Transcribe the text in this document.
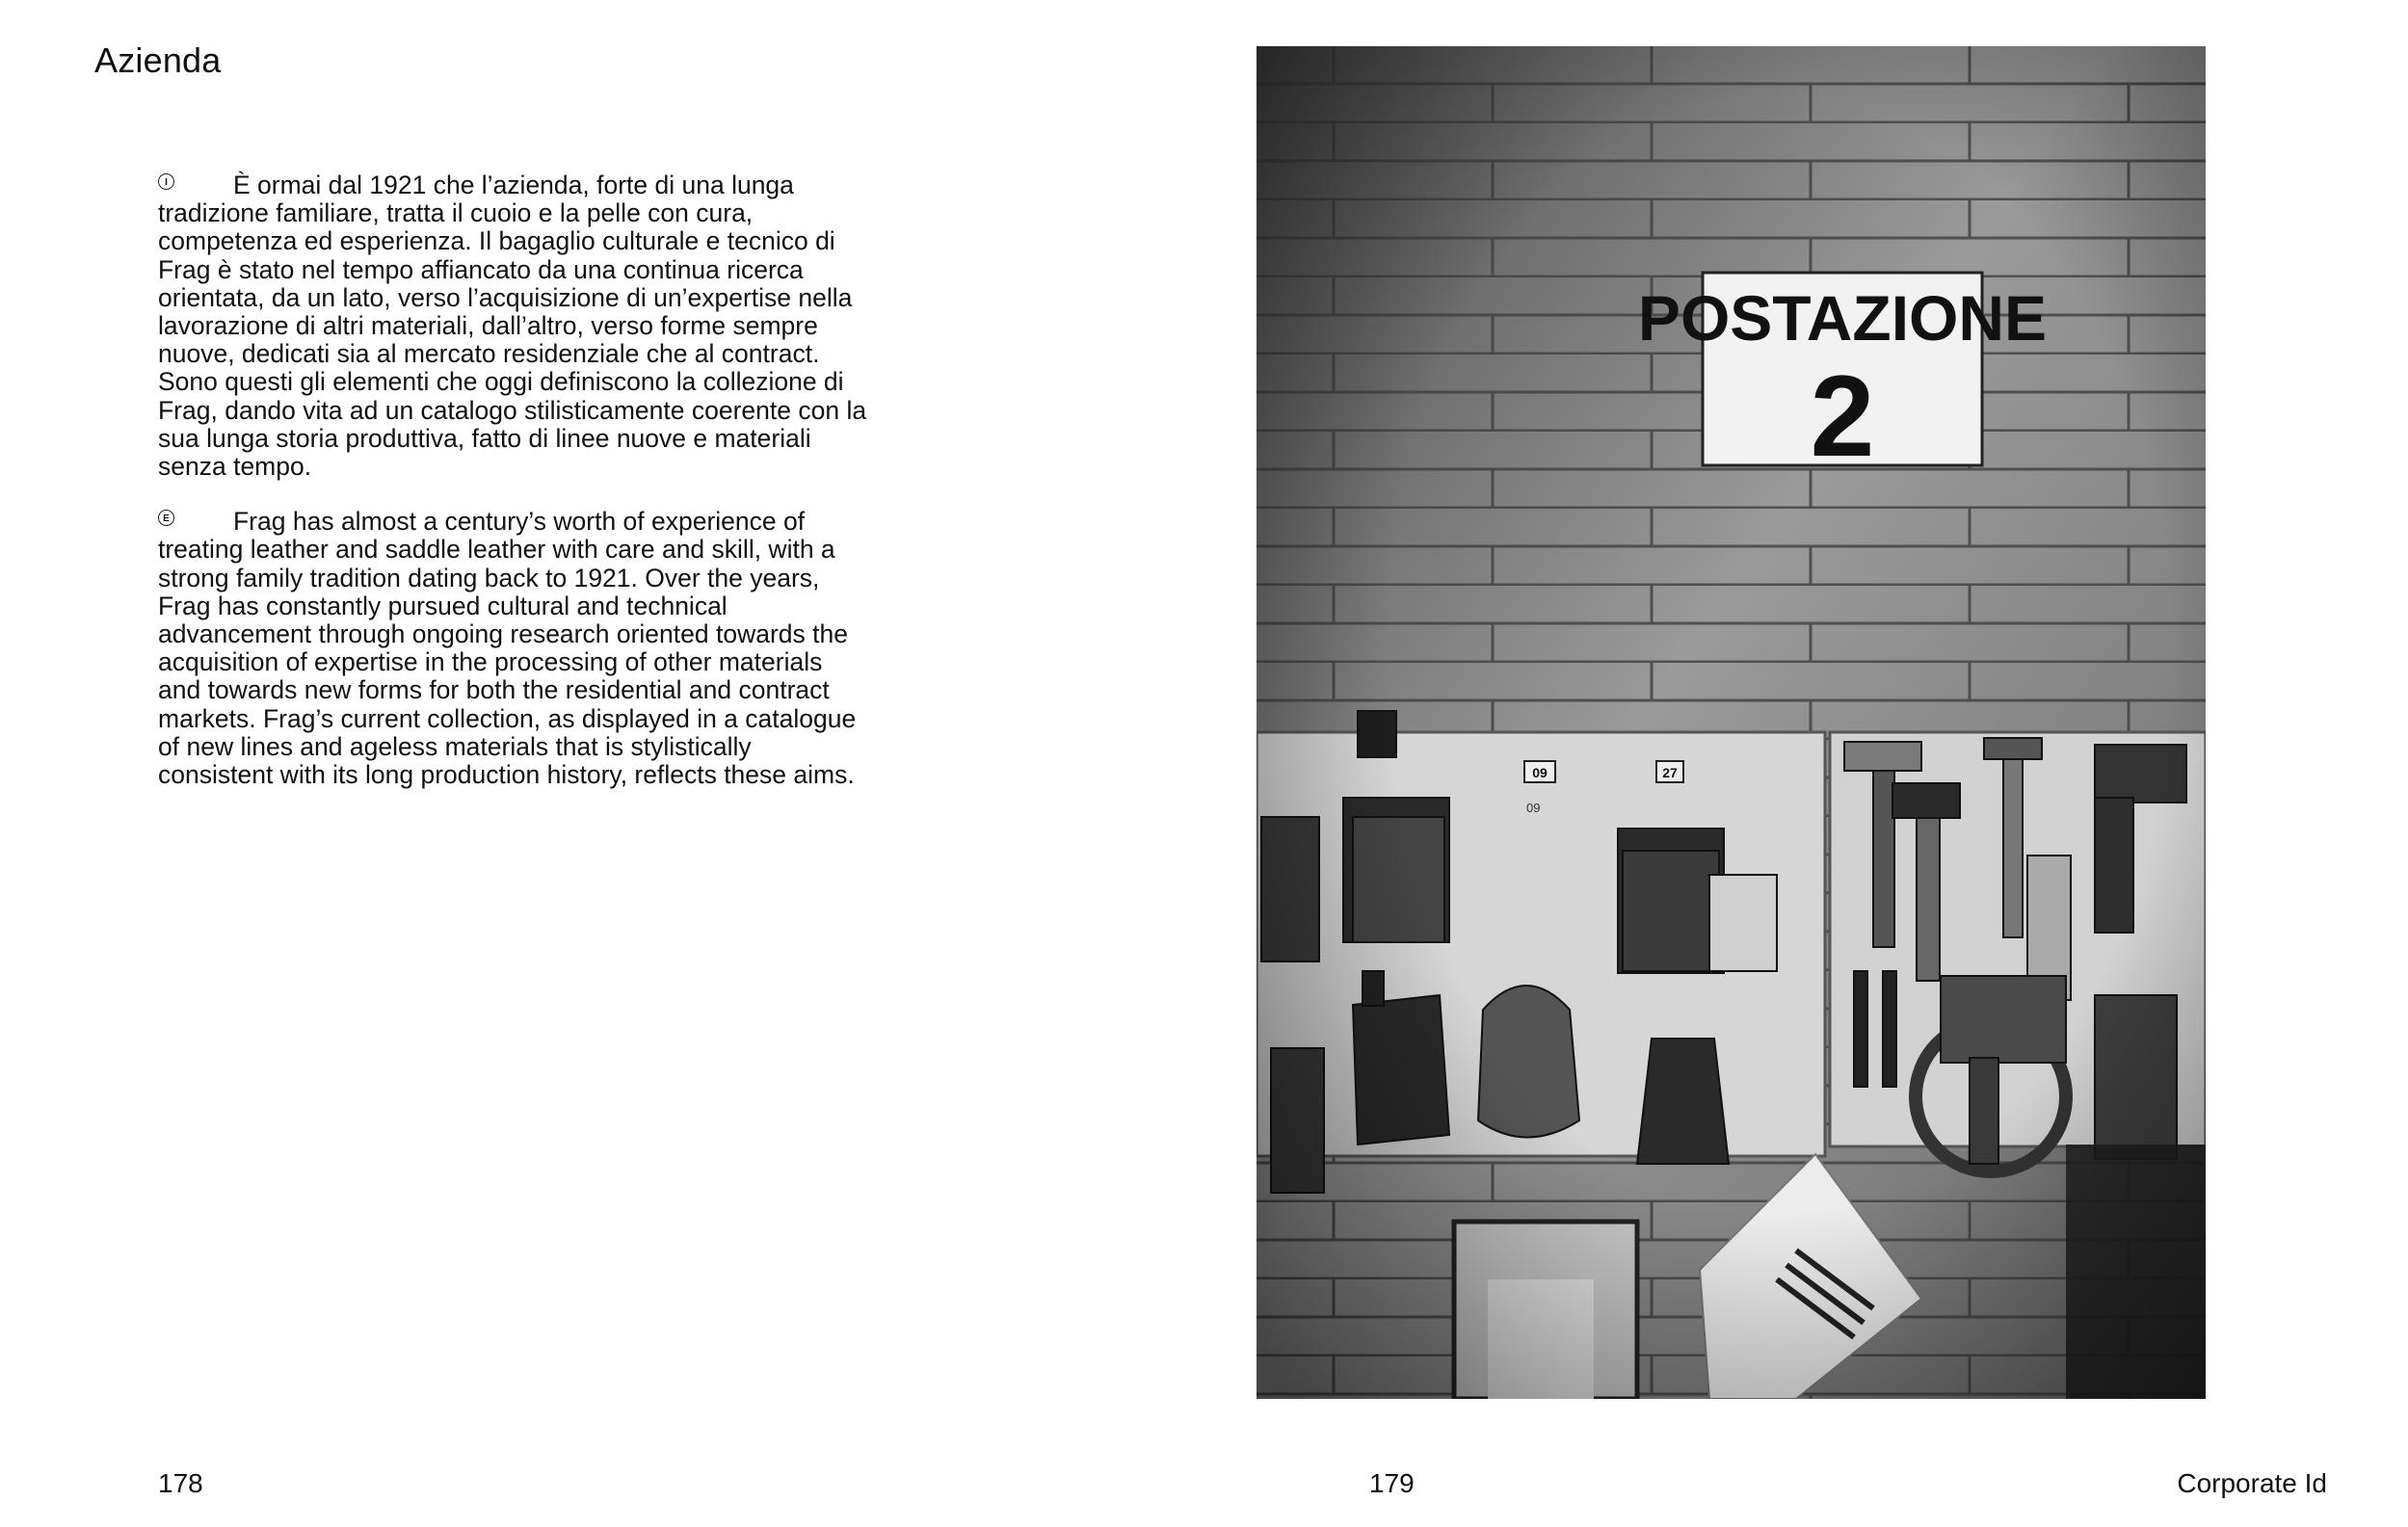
Azienda

I	È ormai dal 1921 che l’azienda, forte di una lunga tradizione familiare, tratta il cuoio e la pelle con cura, competenza ed esperienza. Il bagaglio culturale e tecnico di Frag è stato nel tempo affiancato da una continua ricerca orientata, da un lato, verso l’acquisizione di un’expertise nella lavorazione di altri materiali, dall’altro, verso forme sempre nuove, dedicati sia al mercato residenziale che al contract. Sono questi gli elementi che oggi definiscono la collezione di Frag, dando vita ad un catalogo stilisticamente coerente con la sua lunga storia produttiva, fatto di linee nuove e materiali senza tempo.

E Frag has almost a century’s worth of experience of treating leather and saddle leather with care and skill, with a strong family tradition dating back to 1921. Over the years, Frag has constantly pursued cultural and technical advancement through ongoing research oriented towards the acquisition of expertise in the processing of other materials and towards new forms for both the residential and contract markets. Frag’s current collection, as displayed in a catalogue of new lines and ageless materials that is stylistically consistent with its long production history, reflects these aims.

178	179	Corporate Id
